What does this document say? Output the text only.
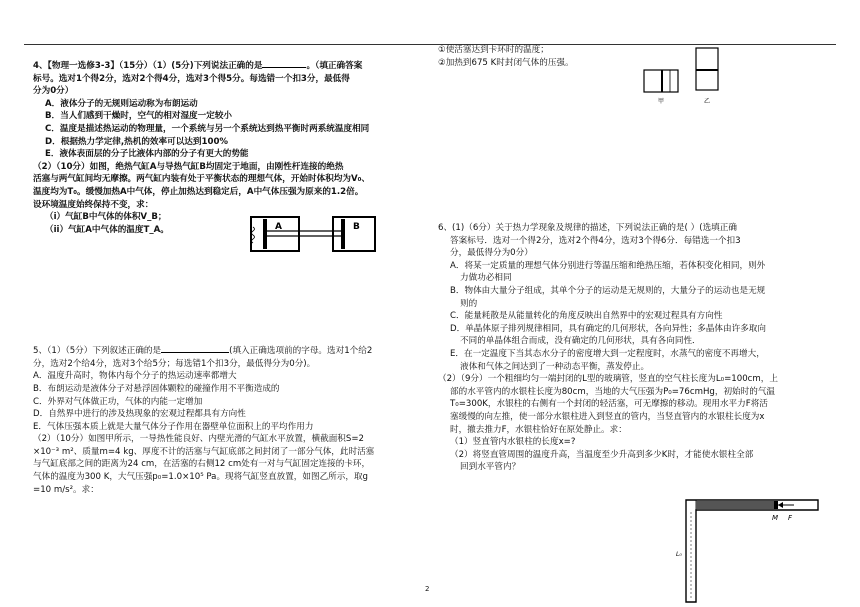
4、【物理一选修3-3】（15分）（1）(5分)下列说法正确的是	。（填正确答案

标号。选对1个得2分，选对2个得4分，选对3个得5分。每选错一个扣3分，最低得

分为0分）

A．液体分子的无规则运动称为布朗运动

B．当人们感到干燥时，空气的相对湿度一定较小

C．温度是描述热运动的物理量，一个系统与另一个系统达到热平衡时两系统温度相同

D．根据热力学定律,热机的效率可以达到100%

E．液体表面层的分子比液体内部的分子有更大的势能

（2）（10分）如图，绝热气缸A与导热气缸B均固定于地面，由刚性杆连接的绝热

活塞与两气缸间均无摩擦。两气缸内装有处于平衡状态的理想气体，开始时体积均为V₀、

温度均为T₀。缓慢加热A中气体，停止加热达到稳定后，A中气体压强为原来的1.2倍。

设环境温度始终保持不变，求：

（i）气缸B中气体的体积V_B；

（ii）气缸A中气体的温度T_A。	A	B

5、（1）（5分）下列叙述正确的是	(填入正确选项前的字母。选对1个给2

分，选对2个给4分，选对3个给5分；每选错1个扣3分，最低得分为0分)。

A．温度升高时，物体内每个分子的热运动速率都增大

B．布朗运动是液体分子对悬浮固体颗粒的碰撞作用不平衡造成的

C．外界对气体做正功，气体的内能一定增加

D．自然界中进行的涉及热现象的宏观过程都具有方向性

E．气体压强本质上就是大量气体分子作用在器壁单位面积上的平均作用力

（2）（10分）如图甲所示，一导热性能良好、内壁光滑的气缸水平放置，横截面积S=2

×10⁻³ m²、质量m=4 kg、厚度不计的活塞与气缸底部之间封闭了一部分气体，此时活塞

与气缸底部之间的距离为24 cm，在活塞的右侧12 cm处有一对与气缸固定连接的卡环，

气体的温度为300 K，大气压强p₀=1.0×10⁵ Pa。现将气缸竖直放置，如图乙所示，取g

=10 m/s²。求：

①使活塞达到卡环时的温度；

②加热到675 K时封闭气体的压强。

甲	乙

6、(1)（6分）关于热力学现象及规律的描述，下列说法正确的是( ）(选填正确

答案标号．选对一个得2分，选对2个得4分，选对3个得6分．每错选一个扣3

分，最低得分为0分）

A．将某一定质量的理想气体分别进行等温压缩和绝热压缩，若体积变化相同，则外

力做功必相同

B．物体由大量分子组成，其单个分子的运动是无规则的，大量分子的运动也是无规

则的

C．能量耗散是从能量转化的角度反映出自然界中的宏观过程具有方向性

D．单晶体原子排列规律相同，具有确定的几何形状，各向异性；多晶体由许多取向

不同的单晶体组合而成，没有确定的几何形状，具有各向同性．

E．在一定温度下当其态水分子的密度增大到一定程度时，水蒸气的密度不再增大，

液体和气体之间达到了一种动态平衡，蒸发停止。

（2）（9分）一个粗细均匀一端封闭的L型的玻璃管，竖直的空气柱长度为L₀=100cm，上

部的水平管内的水银柱长度为80cm，当地的大气压强为P₀=76cmHg，初始时的气温

T₀=300K，水银柱的右侧有一个封闭的轻活塞，可无摩擦的移动。现用水平力F将活

塞缓慢的向左推，使一部分水银柱进入到竖直的管内，当竖直管内的水银柱长度为x

时，撤去推力F，水银柱恰好在原处静止。求：

（1）竖直管内水银柱的长度x=?

（2）将竖直管周围的温度升高，当温度至少升高到多少K时，才能使水银柱全部

回到水平管内？

M F
L₀
2
